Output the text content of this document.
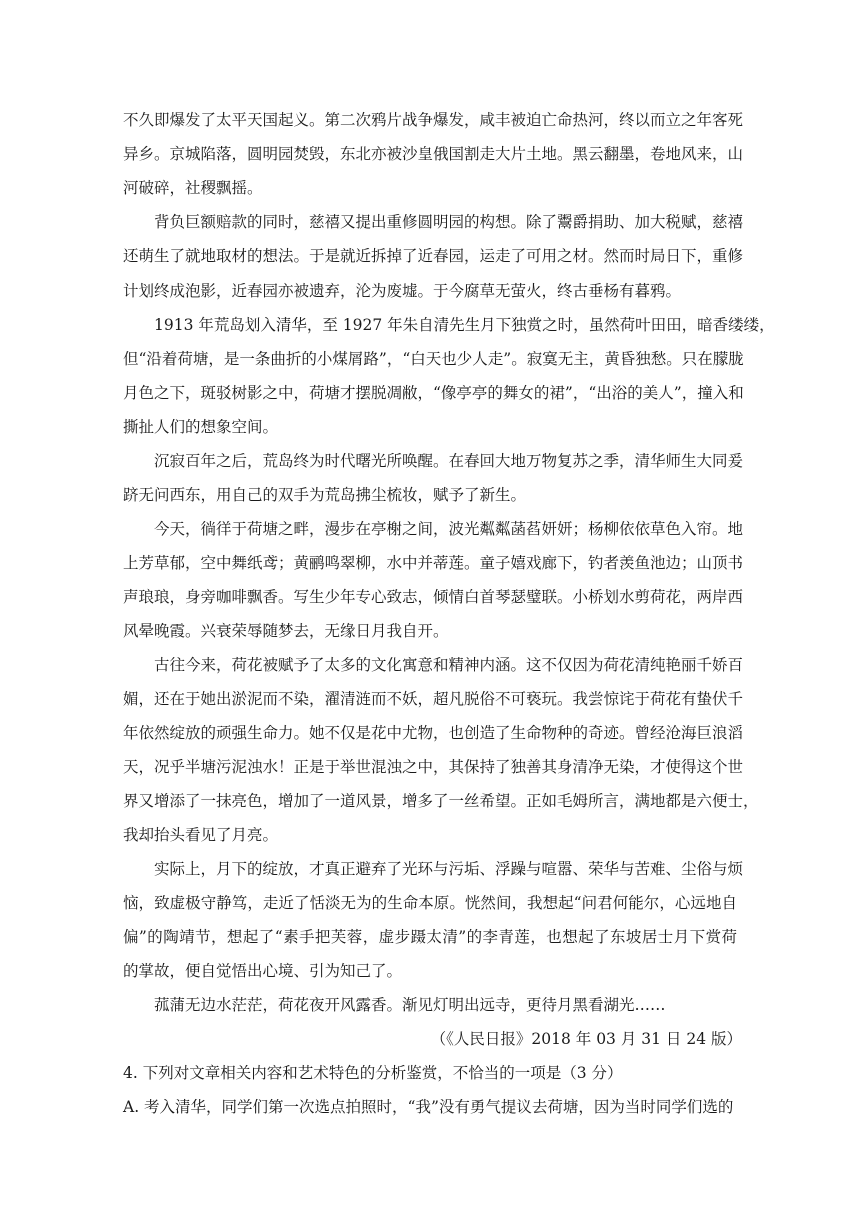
不久即爆发了太平天国起义。第二次鸦片战争爆发，咸丰被迫亡命热河，终以而立之年客死
异乡。京城陷落，圆明园焚毁，东北亦被沙皇俄国割走大片土地。黑云翻墨，卷地风来，山
河破碎，社稷飘摇。
背负巨额赔款的同时，慈禧又提出重修圆明园的构想。除了鬻爵捐助、加大税赋，慈禧
还萌生了就地取材的想法。于是就近拆掉了近春园，运走了可用之材。然而时局日下，重修
计划终成泡影，近春园亦被遗弃，沦为废墟。于今腐草无萤火，终古垂杨有暮鸦。
1913 年荒岛划入清华，至 1927 年朱自清先生月下独赏之时，虽然荷叶田田，暗香缕缕，
但“沿着荷塘，是一条曲折的小煤屑路”，“白天也少人走”。寂寞无主，黄昏独愁。只在朦胧
月色之下，斑驳树影之中，荷塘才摆脱凋敝，“像亭亭的舞女的裙”，“出浴的美人”，撞入和
撕扯人们的想象空间。
沉寂百年之后，荒岛终为时代曙光所唤醒。在春回大地万物复苏之季，清华师生大同爰
跻无问西东，用自己的双手为荒岛拂尘梳妆，赋予了新生。
今天，徜徉于荷塘之畔，漫步在亭榭之间，波光粼粼菡萏妍妍；杨柳依依草色入帘。地
上芳草郁，空中舞纸鸢；黄鹂鸣翠柳，水中并蒂莲。童子嬉戏廊下，钓者羡鱼池边；山顶书
声琅琅，身旁咖啡飘香。写生少年专心致志，倾情白首琴瑟璧联。小桥划水剪荷花，两岸西
风晕晚霞。兴衰荣辱随梦去，无缘日月我自开。
古往今来，荷花被赋予了太多的文化寓意和精神内涵。这不仅因为荷花清纯艳丽千娇百
媚，还在于她出淤泥而不染，濯清涟而不妖，超凡脱俗不可亵玩。我尝惊诧于荷花有蛰伏千
年依然绽放的顽强生命力。她不仅是花中尤物，也创造了生命物种的奇迹。曾经沧海巨浪滔
天，况乎半塘污泥浊水！正是于举世混浊之中，其保持了独善其身清净无染，才使得这个世
界又增添了一抹亮色，增加了一道风景，增多了一丝希望。正如毛姆所言，满地都是六便士，
我却抬头看见了月亮。
实际上，月下的绽放，才真正避弃了光环与污垢、浮躁与喧嚣、荣华与苦难、尘俗与烦
恼，致虚极守静笃，走近了恬淡无为的生命本原。恍然间，我想起“问君何能尔，心远地自
偏”的陶靖节，想起了“素手把芙蓉，虚步蹑太清”的李青莲，也想起了东坡居士月下赏荷
的掌故，便自觉悟出心境、引为知己了。
菰蒲无边水茫茫，荷花夜开风露香。渐见灯明出远寺，更待月黑看湖光……
（《人民日报》2018 年 03 月 31 日 24 版）
4. 下列对文章相关内容和艺术特色的分析鉴赏，不恰当的一项是（3 分）
A. 考入清华，同学们第一次选点拍照时，“我”没有勇气提议去荷塘，因为当时同学们选的
